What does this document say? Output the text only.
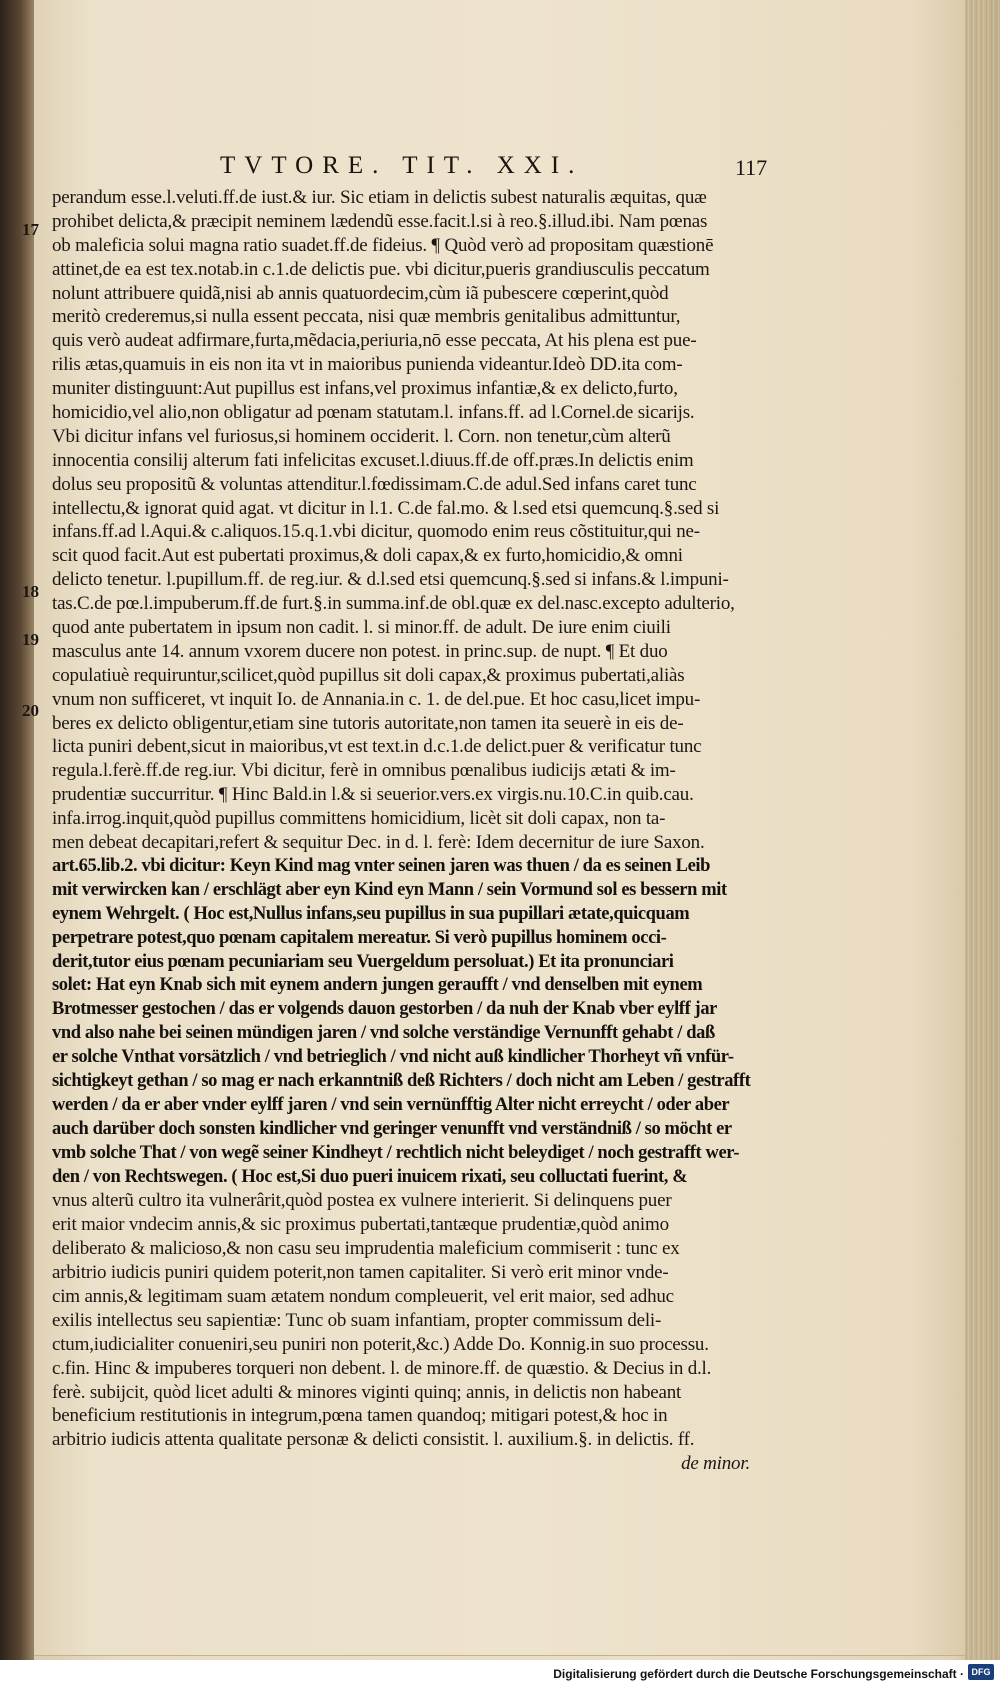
TVTORE. TIT. XXI.	117
17
18
19
20
perandum esse.l.veluti.ff.de iust.& iur. Sic etiam in delictis subest naturalis æquitas, quæ
prohibet delicta,& præcipit neminem lædendũ esse.facit.l.si à reo.§.illud.ibi. Nam pœnas
ob maleficia solui magna ratio suadet.ff.de fideius. ¶ Quòd verò ad propositam quæstionē
attinet,de ea est tex.notab.in c.1.de delictis pue. vbi dicitur,pueris grandiusculis peccatum
nolunt attribuere quidã,nisi ab annis quatuordecim,cùm iã pubescere cœperint,quòd
meritò crederemus,si nulla essent peccata, nisi quæ membris genitalibus admittuntur,
quis verò audeat adfirmare,furta,mẽdacia,periuria,nō esse peccata, At his plena est pue-
rilis ætas,quamuis in eis non ita vt in maioribus punienda videantur.Ideò DD.ita com-
muniter distinguunt:Aut pupillus est infans,vel proximus infantiæ,& ex delicto,furto,
homicidio,vel alio,non obligatur ad pœnam statutam.l. infans.ff. ad l.Cornel.de sicarijs.
Vbi dicitur infans vel furiosus,si hominem occiderit. l. Corn. non tenetur,cùm alterũ
innocentia consilij alterum fati infelicitas excuset.l.diuus.ff.de off.præs.In delictis enim
dolus seu propositũ & voluntas attenditur.l.fœdissimam.C.de adul.Sed infans caret tunc
intellectu,& ignorat quid agat. vt dicitur in l.1. C.de fal.mo. & l.sed etsi quemcunq.§.sed si
infans.ff.ad l.Aqui.& c.aliquos.15.q.1.vbi dicitur, quomodo enim reus cõstituitur,qui ne-
scit quod facit.Aut est pubertati proximus,& doli capax,& ex furto,homicidio,& omni
delicto tenetur. l.pupillum.ff. de reg.iur. & d.l.sed etsi quemcunq.§.sed si infans.& l.impuni-
tas.C.de pœ.l.impuberum.ff.de furt.§.in summa.inf.de obl.quæ ex del.nasc.excepto adulterio,
quod ante pubertatem in ipsum non cadit. l. si minor.ff. de adult. De iure enim ciuili
masculus ante 14. annum vxorem ducere non potest. in princ.sup. de nupt. ¶ Et duo
copulatiuè requiruntur,scilicet,quòd pupillus sit doli capax,& proximus pubertati,aliàs
vnum non sufficeret, vt inquit Io. de Annania.in c. 1. de del.pue. Et hoc casu,licet impu-
beres ex delicto obligentur,etiam sine tutoris autoritate,non tamen ita seuerè in eis de-
licta puniri debent,sicut in maioribus,vt est text.in d.c.1.de delict.puer & verificatur tunc
regula.l.ferè.ff.de reg.iur. Vbi dicitur, ferè in omnibus pœnalibus iudicijs ætati & im-
prudentiæ succurritur. ¶ Hinc Bald.in l.& si seuerior.vers.ex virgis.nu.10.C.in quib.cau.
infa.irrog.inquit,quòd pupillus committens homicidium, licèt sit doli capax, non ta-
men debeat decapitari,refert & sequitur Dec. in d. l. ferè: Idem decernitur de iure Saxon.
art.65.lib.2. vbi dicitur: Keyn Kind mag vnter seinen jaren was thuen / da es seinen Leib
mit verwircken kan / erschlägt aber eyn Kind eyn Mann / sein Vormund sol es bessern mit
eynem Wehrgelt. ( Hoc est,Nullus infans,seu pupillus in sua pupillari ætate,quicquam
perpetrare potest,quo pœnam capitalem mereatur. Si verò pupillus hominem occi-
derit,tutor eius pœnam pecuniariam seu Vuergeldum persoluat.) Et ita pronunciari
solet: Hat eyn Knab sich mit eynem andern jungen geraufft / vnd denselben mit eynem
Brotmesser gestochen / das er volgends dauon gestorben / da nuh der Knab vber eylff jar
vnd also nahe bei seinen mündigen jaren / vnd solche verständige Vernunfft gehabt / daß
er solche Vnthat vorsätzlich / vnd betrieglich / vnd nicht auß kindlicher Thorheyt vñ vnfür-
sichtigkeyt gethan / so mag er nach erkanntniß deß Richters / doch nicht am Leben / gestrafft
werden / da er aber vnder eylff jaren / vnd sein vernünfftig Alter nicht erreycht / oder aber
auch darüber doch sonsten kindlicher vnd geringer venunfft vnd verständniß / so möcht er
vmb solche That / von wegẽ seiner Kindheyt / rechtlich nicht beleydiget / noch gestrafft wer-
den / von Rechtswegen. ( Hoc est,Si duo pueri inuicem rixati, seu colluctati fuerint, &
vnus alterũ cultro ita vulnerârit,quòd postea ex vulnere interierit. Si delinquens puer
erit maior vndecim annis,& sic proximus pubertati,tantæque prudentiæ,quòd animo
deliberato & malicioso,& non casu seu imprudentia maleficium commiserit : tunc ex
arbitrio iudicis puniri quidem poterit,non tamen capitaliter. Si verò erit minor vnde-
cim annis,& legitimam suam ætatem nondum compleuerit, vel erit maior, sed adhuc
exilis intellectus seu sapientiæ: Tunc ob suam infantiam, propter commissum deli-
ctum,iudicialiter conueniri,seu puniri non poterit,&c.) Adde Do. Konnig.in suo processu.
c.fin. Hinc & impuberes torqueri non debent. l. de minore.ff. de quæstio. & Decius in d.l.
ferè. subijcit, quòd licet adulti & minores viginti quinq; annis, in delictis non habeant
beneficium restitutionis in integrum,pœna tamen quandoq; mitigari potest,& hoc in
arbitrio iudicis attenta qualitate personæ & delicti consistit. l. auxilium.§. in delictis. ff.
de minor.
Digitalisierung gefördert durch die Deutsche Forschungsgemeinschaft · DFG
